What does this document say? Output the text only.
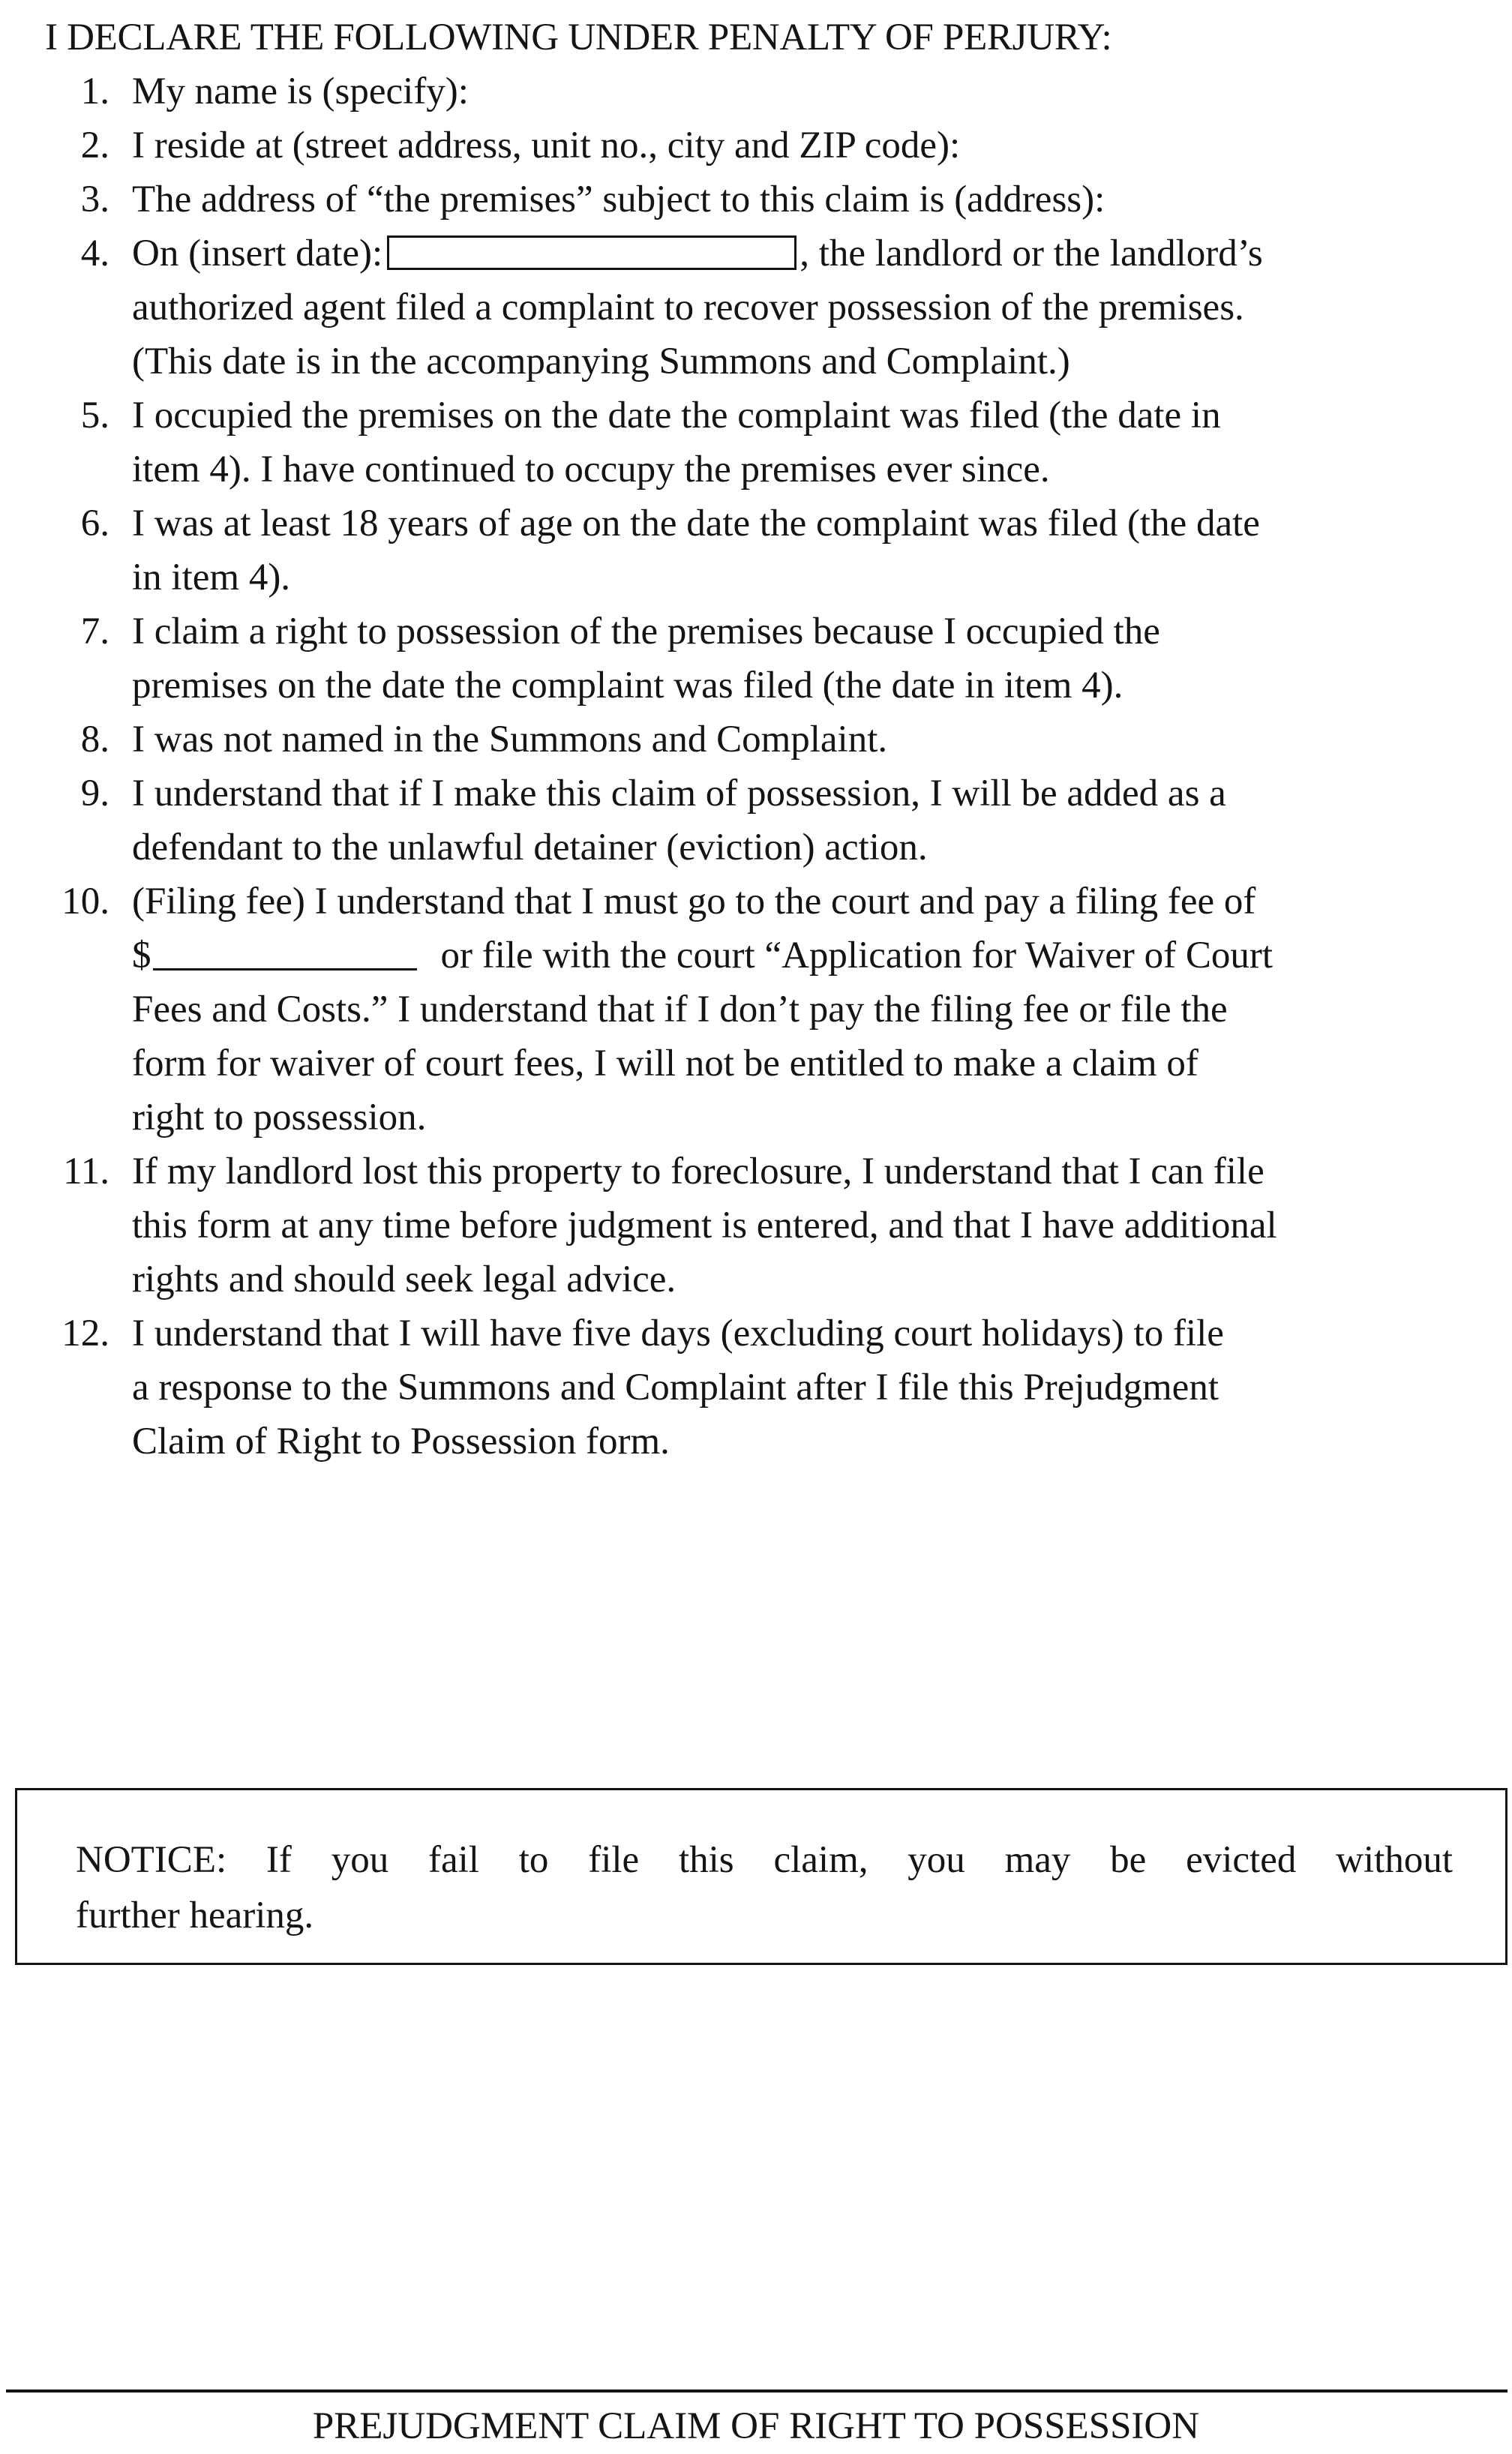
I DECLARE THE FOLLOWING UNDER PENALTY OF PERJURY:
1. My name is (specify):
2. I reside at (street address, unit no., city and ZIP code):
3. The address of “the premises” subject to this claim is (address):
4. On (insert date):	, the landlord or the landlord’s
authorized agent filed a complaint to recover possession of the premises.
(This date is in the accompanying Summons and Complaint.)
5. I occupied the premises on the date the complaint was filed (the date in
item 4). I have continued to occupy the premises ever since.
6. I was at least 18 years of age on the date the complaint was filed (the date
in item 4).
7. I claim a right to possession of the premises because I occupied the
premises on the date the complaint was filed (the date in item 4).
8. I was not named in the Summons and Complaint.
9. I understand that if I make this claim of possession, I will be added as a
defendant to the unlawful detainer (eviction) action.
10. (Filing fee) I understand that I must go to the court and pay a filing fee of
$	or file with the court “Application for Waiver of Court
Fees and Costs.” I understand that if I don’t pay the filing fee or file the
form for waiver of court fees, I will not be entitled to make a claim of
right to possession.
11. If my landlord lost this property to foreclosure, I understand that I can file
this form at any time before judgment is entered, and that I have additional
rights and should seek legal advice.
12. I understand that I will have five days (excluding court holidays) to file
a response to the Summons and Complaint after I file this Prejudgment
Claim of Right to Possession form.
NOTICE: If you fail to file this claim, you may be evicted without
further hearing.
PREJUDGMENT CLAIM OF RIGHT TO POSSESSION
